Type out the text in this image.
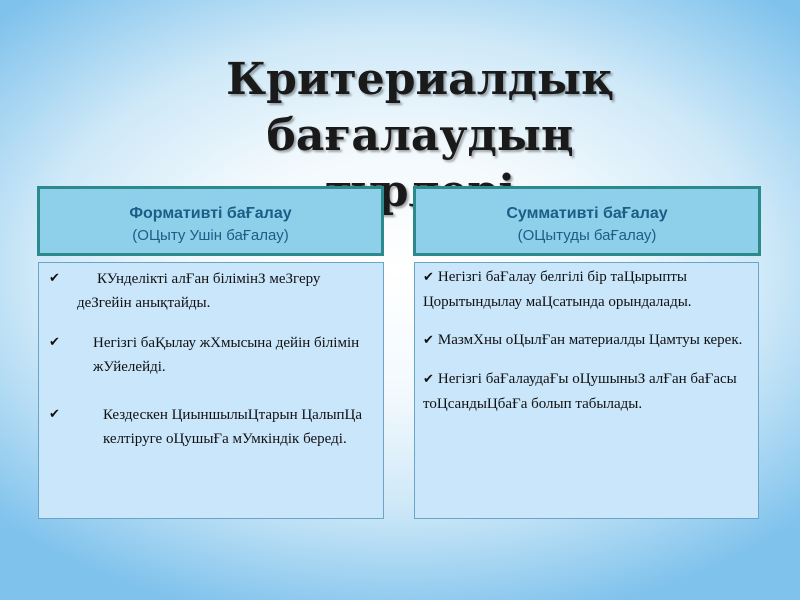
Критериалдық
бағалаудың
Формативті баҒалау
(ОЦыту Ушін баҒалау)
Суммативті баҒалау
(ОЦытуды баҒалау)
✔	КУнделікті алҒан білімінЗ меЗгеру деЗгейін анықтайды.
✔ Негізгі баҚылау жХмысына дейін білімін жУйелейді.
✔	Кездескен ЦиыншылыЦтарын ЦалыпЦа келтіруге оЦушыҒа мУмкіндік береді.
✔ Негізгі баҒалау белгілі бір таЦырыпты Цорытындылау маЦсатында орындалады.
✔ МазмХны оЦылҒан материалды Цамтуы керек.
✔ Негізгі баҒалаудаҒы оЦушыныЗ алҒан баҒасы тоЦсандыЦбаҒа болып табылады.
